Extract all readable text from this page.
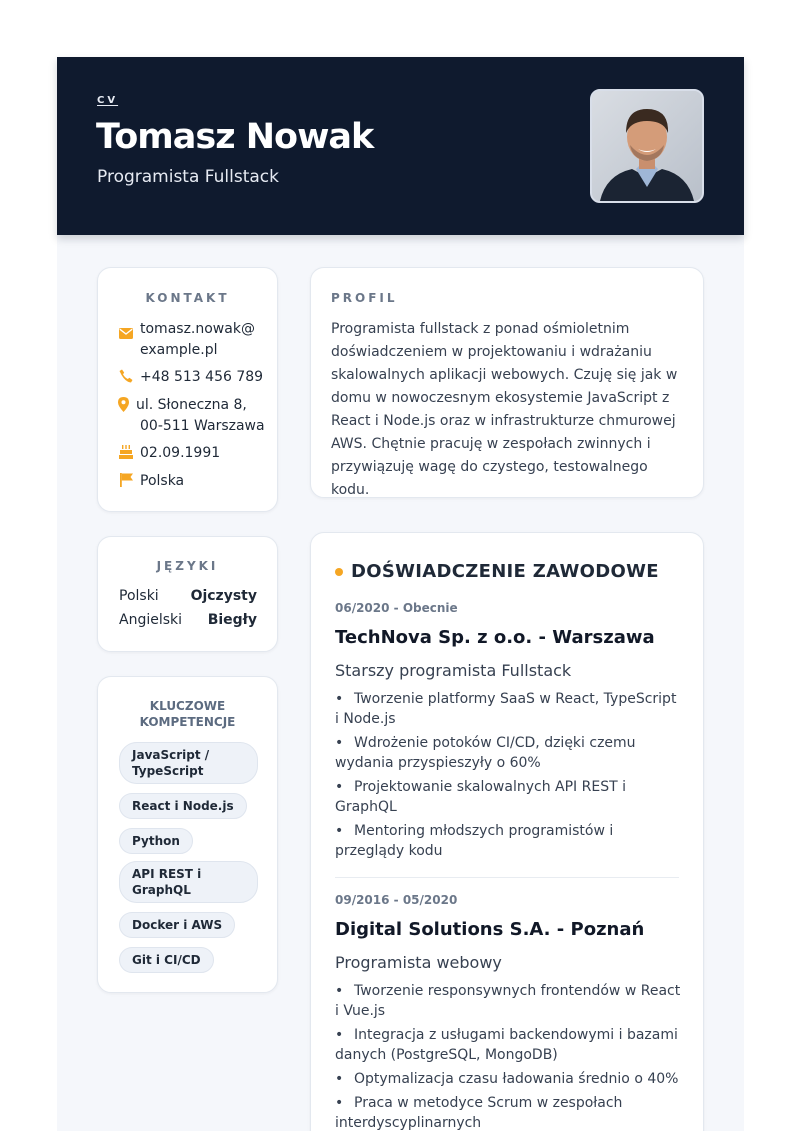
CV
Tomasz Nowak
Programista Fullstack
KONTAKT
tomasz.nowak@
example.pl
+48 513 456 789
ul. Słoneczna 8,
00-511 Warszawa
02.09.1991
Polska
JĘZYKI
Polski Ojczysty
Angielski Biegły
KLUCZOWE
KOMPETENCJE
JavaScript / TypeScript
React i Node.js
Python
API REST i GraphQL
Docker i AWS
Git i CI/CD
PROFIL
Programista fullstack z ponad ośmioletnim doświadczeniem w projektowaniu i wdrażaniu skalowalnych aplikacji webowych. Czuję się jak w domu w nowoczesnym ekosystemie JavaScript z React i Node.js oraz w infrastrukturze chmurowej AWS. Chętnie pracuję w zespołach zwinnych i przywiązuję wagę do czystego, testowalnego kodu.
DOŚWIADCZENIE ZAWODOWE
06/2020 - Obecnie
TechNova Sp. z o.o. - Warszawa
Starszy programista Fullstack
• Tworzenie platformy SaaS w React, TypeScript i Node.js
• Wdrożenie potoków CI/CD, dzięki czemu wydania przyspieszyły o 60%
• Projektowanie skalowalnych API REST i GraphQL
• Mentoring młodszych programistów i przeglądy kodu
09/2016 - 05/2020
Digital Solutions S.A. - Poznań
Programista webowy
• Tworzenie responsywnych frontendów w React i Vue.js
• Integracja z usługami backendowymi i bazami danych (PostgreSQL, MongoDB)
• Optymalizacja czasu ładowania średnio o 40%
• Praca w metodyce Scrum w zespołach interdyscyplinarnych
